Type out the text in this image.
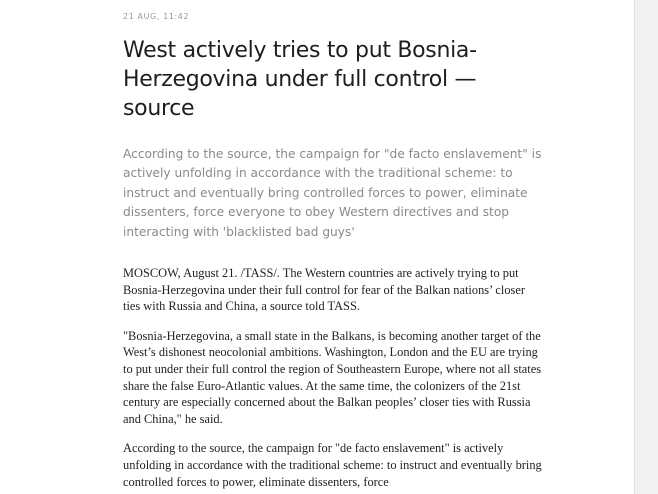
21 AUG, 11:42
West actively tries to put Bosnia-Herzegovina under full control — source

According to the source, the campaign for "de facto enslavement" is actively unfolding in accordance with the traditional scheme: to instruct and eventually bring controlled forces to power, eliminate dissenters, force everyone to obey Western directives and stop interacting with 'blacklisted bad guys'

MOSCOW, August 21. /TASS/. The Western countries are actively trying to put Bosnia-Herzegovina under their full control for fear of the Balkan nations’ closer ties with Russia and China, a source told TASS.

"Bosnia-Herzegovina, a small state in the Balkans, is becoming another target of the West’s dishonest neocolonial ambitions. Washington, London and the EU are trying to put under their full control the region of Southeastern Europe, where not all states share the false Euro-Atlantic values. At the same time, the colonizers of the 21st century are especially concerned about the Balkan peoples’ closer ties with Russia and China," he said.

According to the source, the campaign for "de facto enslavement" is actively unfolding in accordance with the traditional scheme: to instruct and eventually bring controlled forces to power, eliminate dissenters, force
